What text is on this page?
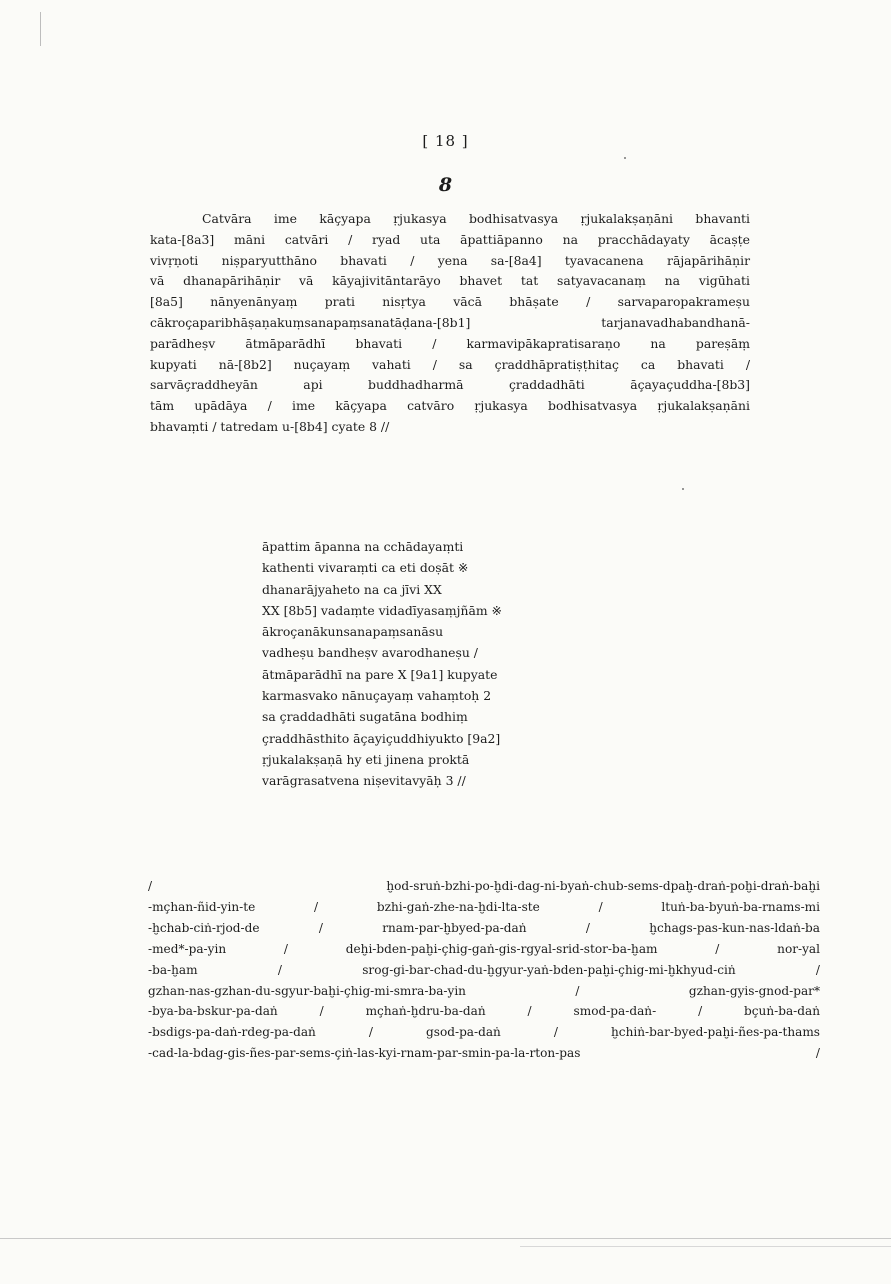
[ 18 ]
8
Catvāra ime kāçyapa ṛjukasya bodhisatvasya ṛjukalakṣaṇāni bhavanti
kata-[8a3] māni catvāri / ryad uta āpattiāpanno na pracchādayaty ācaṣṭe
vivṛṇoti niṣparyutthāno bhavati / yena sa-[8a4] tyavacanena rājapārihāṇir
vā dhanapārihāṇir vā kāyajivitāntarāyo bhavet tat satyavacanaṃ na vigūhati
[8a5] nānyenānyaṃ prati nisṛtya vācā bhāṣate / sarvaparopakrameṣu
cākroçaparibhāṣaṇakuṃsanapaṃsanatāḍana-[8b1] tarjanavadhabandhanā-
parādheṣv ātmāparādhī bhavati / karmavipākapratisaraṇo na pareṣāṃ
kupyati nā-[8b2] nuçayaṃ vahati / sa çraddhāpratiṣṭhitaç ca bhavati /
sarvāçraddheyān api buddhadharmā çraddadhāti āçayaçuddha-[8b3]
tām upādāya / ime kāçyapa catvāro ṛjukasya bodhisatvasya ṛjukalakṣaṇāni
bhavaṃti / tatredam u-[8b4] cyate 8 //
āpattim āpanna na cchādayaṃti
kathenti vivaraṃti ca eti doṣāt ※
dhanarājyaheto na ca jīvi XX
XX [8b5] vadaṃte vidadīyasaṃjñām ※
ākroçanākunsanapaṃsanāsu
vadheṣu bandheṣv avarodhaneṣu /
ātmāparādhī na pare X [9a1] kupyate
karmasvako nānuçayaṃ vahaṃtoḥ 2
sa çraddadhāti sugatāna bodhiṃ
çraddhāsthito āçayiçuddhiyukto [9a2]
ṛjukalakṣaṇā hy eti jinena proktā
varāgrasatvena niṣevitavyāḥ 3 //
/ ḫod-sruṅ-bzhi-po-ḫdi-dag-ni-byaṅ-chub-sems-dpaḫ-draṅ-poḫi-draṅ-baḫi
-mçhan-ñid-yin-te / bzhi-gaṅ-zhe-na-ḫdi-lta-ste / ltuṅ-ba-byuṅ-ba-rnams-mi
-ḫchab-ciṅ-rjod-de / rnam-par-ḫbyed-pa-daṅ / ḫchags-pas-kun-nas-ldaṅ-ba
-med*-pa-yin / deḫi-bden-paḫi-çhig-gaṅ-gis-rgyal-srid-stor-ba-ḫam / nor-yal
-ba-ḫam / srog-gi-bar-chad-du-ḫgyur-yaṅ-bden-paḫi-çhig-mi-ḫkhyud-ciṅ /
gzhan-nas-gzhan-du-sgyur-baḫi-çhig-mi-smra-ba-yin / gzhan-gyis-gnod-par*
-bya-ba-bskur-pa-daṅ / mçhaṅ-ḫdru-ba-daṅ / smod-pa-daṅ- / bçuṅ-ba-daṅ
-bsdigs-pa-daṅ-rdeg-pa-daṅ / gsod-pa-daṅ / ḫchiṅ-bar-byed-paḫi-ñes-pa-thams
-cad-la-bdag-gis-ñes-par-sems-çiṅ-las-kyi-rnam-par-smin-pa-la-rton-pas /
